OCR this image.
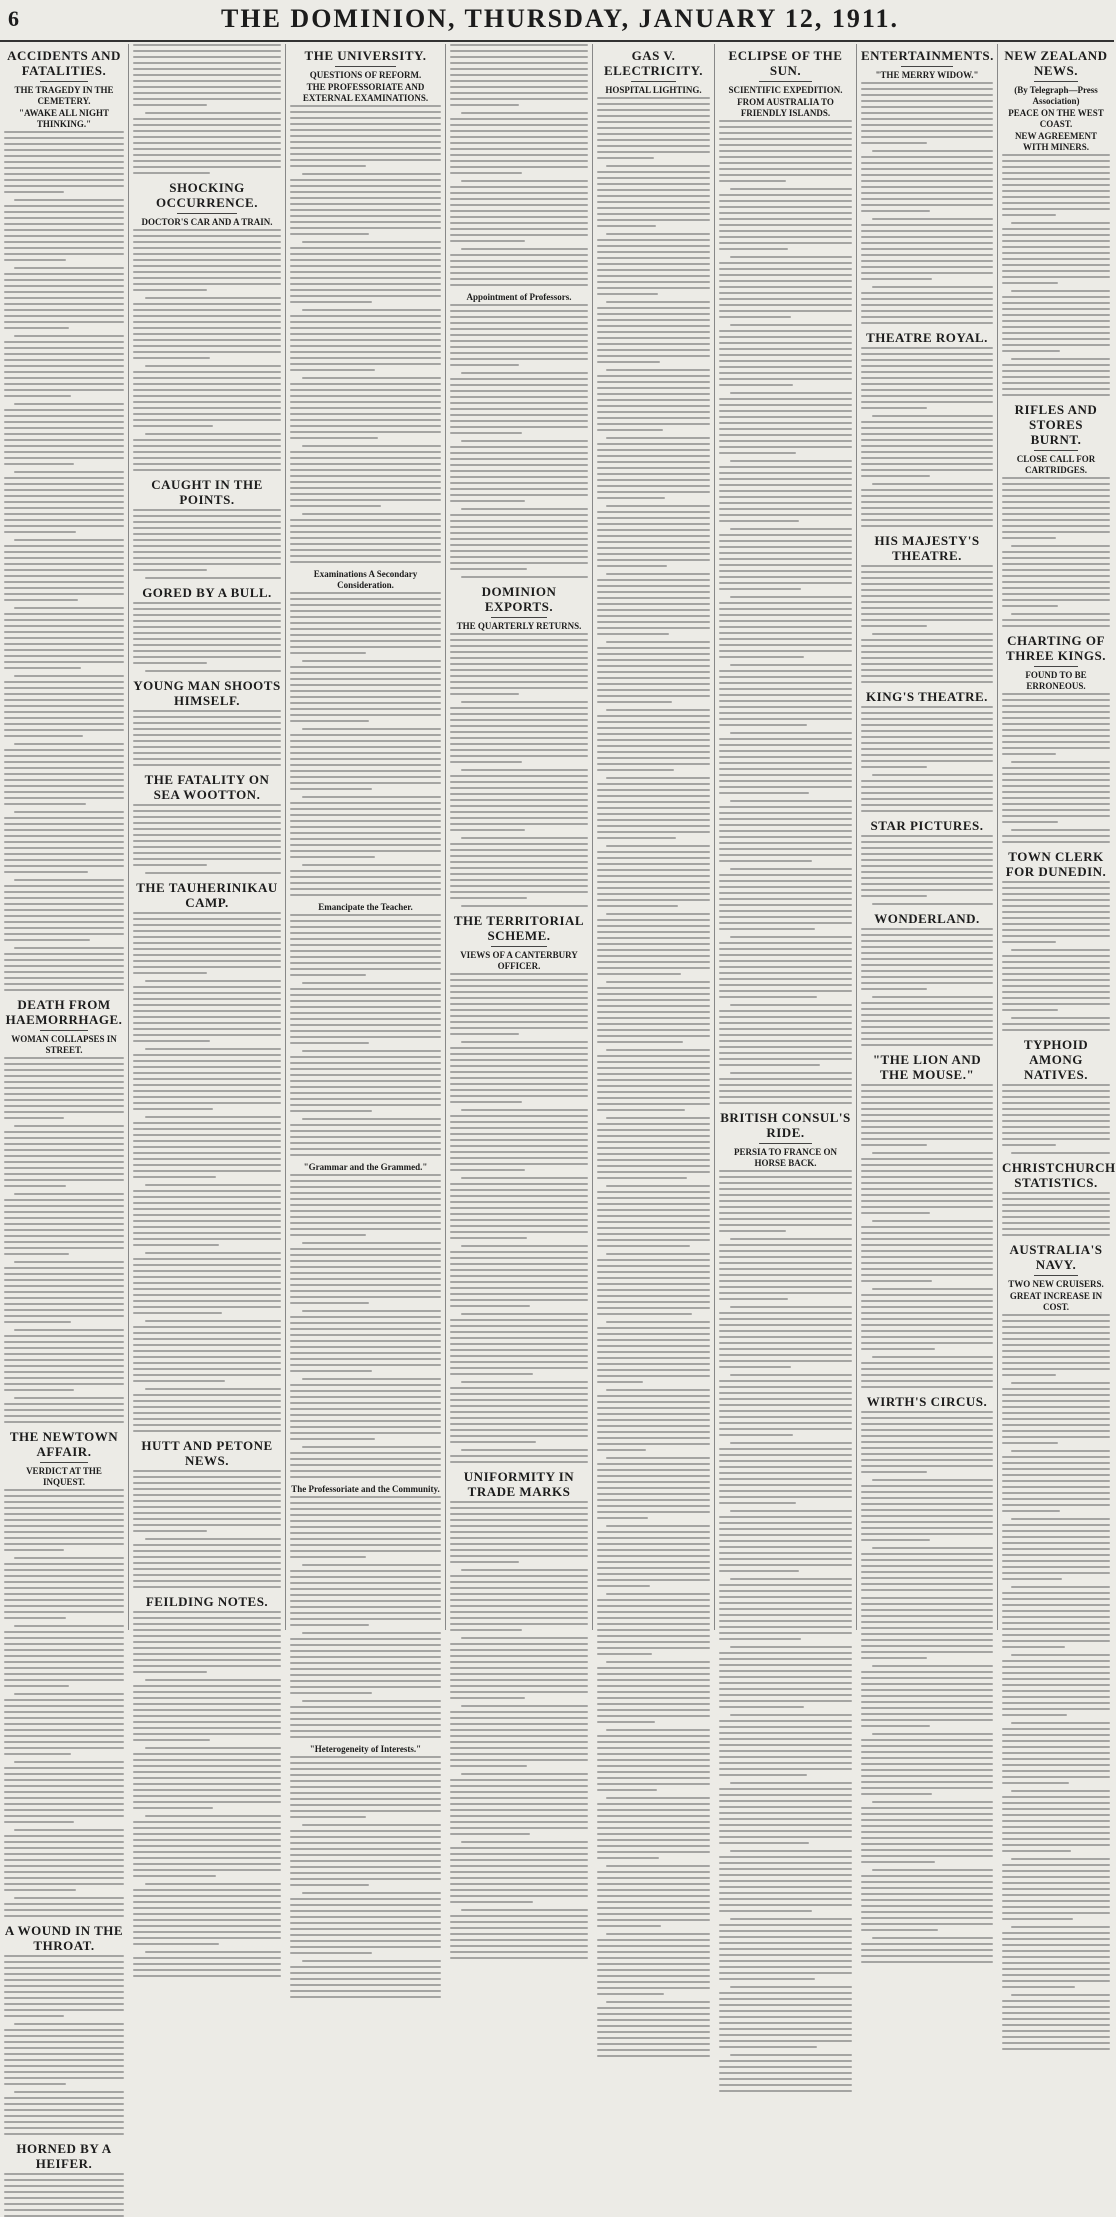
6	THE DOMINION, THURSDAY, JANUARY 12, 1911.
ACCIDENTS AND FATALITIES.
THE TRAGEDY IN THE CEMETERY.
"AWAKE ALL NIGHT THINKING."
DEATH FROM HAEMORRHAGE.
WOMAN COLLAPSES IN STREET.
THE NEWTOWN AFFAIR.
VERDICT AT THE INQUEST.
A WOUND IN THE THROAT.
HORNED BY A HEIFER.
SHOCKING OCCURRENCE.
DOCTOR'S CAR AND A TRAIN.
CAUGHT IN THE POINTS.
GORED BY A BULL.
YOUNG MAN SHOOTS HIMSELF.
THE FATALITY ON SEA WOOTTON.
THE TAUHERINIKAU CAMP.
HUTT AND PETONE NEWS.
FEILDING NOTES.
THE UNIVERSITY.
QUESTIONS OF REFORM.
THE PROFESSORIATE AND EXTERNAL EXAMINATIONS.
Examinations A Secondary Consideration.
Emancipate the Teacher.
"Grammar and the Grammed."
The Professoriate and the Community.
"Heterogeneity of Interests."
Appointment of Professors.
DOMINION EXPORTS.
THE QUARTERLY RETURNS.
THE TERRITORIAL SCHEME.
VIEWS OF A CANTERBURY OFFICER.
UNIFORMITY IN TRADE MARKS
GAS V. ELECTRICITY.
HOSPITAL LIGHTING.
ECLIPSE OF THE SUN.
SCIENTIFIC EXPEDITION.
FROM AUSTRALIA TO FRIENDLY ISLANDS.
BRITISH CONSUL'S RIDE.
PERSIA TO FRANCE ON HORSE BACK.
ENTERTAINMENTS.
"THE MERRY WIDOW."
THEATRE ROYAL.
HIS MAJESTY'S THEATRE.
KING'S THEATRE.
STAR PICTURES.
WONDERLAND.
"THE LION AND THE MOUSE."
WIRTH'S CIRCUS.
NEW ZEALAND NEWS.
(By Telegraph—Press Association)
PEACE ON THE WEST COAST.
NEW AGREEMENT WITH MINERS.
RIFLES AND STORES BURNT.
CLOSE CALL FOR CARTRIDGES.
CHARTING OF THREE KINGS.
FOUND TO BE ERRONEOUS.
TOWN CLERK FOR DUNEDIN.
TYPHOID AMONG NATIVES.
CHRISTCHURCH STATISTICS.
AUSTRALIA'S NAVY.
TWO NEW CRUISERS.
GREAT INCREASE IN COST.
